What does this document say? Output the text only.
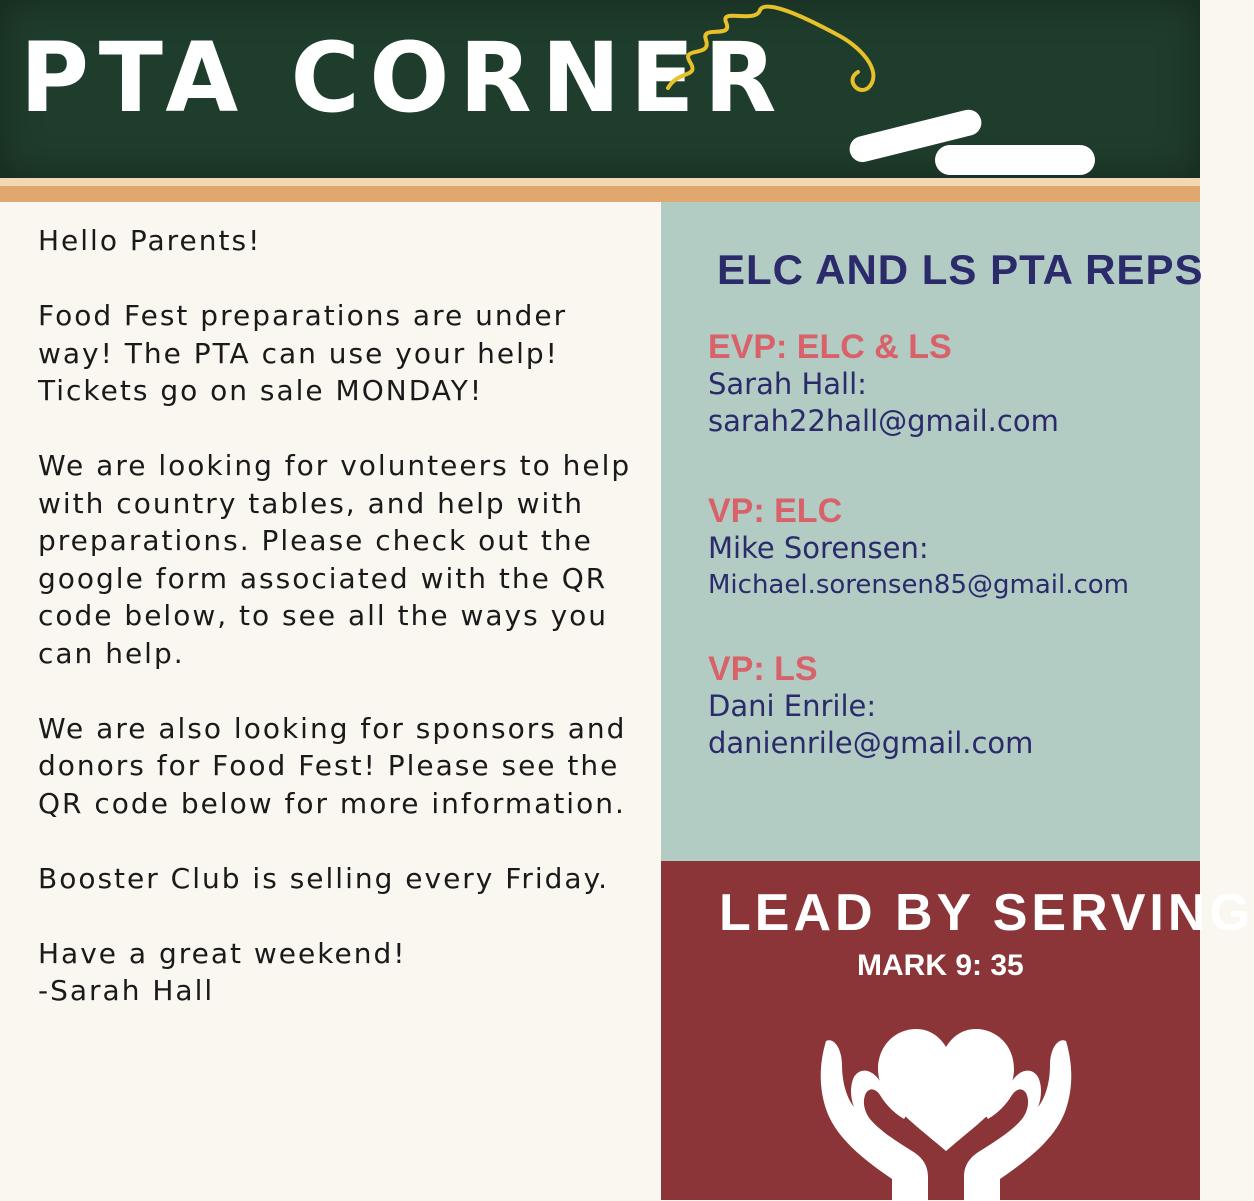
PTA CORNER

Hello Parents!

Food Fest preparations are under way! The PTA can use your help! Tickets go on sale MONDAY!

We are looking for volunteers to help with country tables, and help with preparations. Please check out the google form associated with the QR code below, to see all the ways you can help.

We are also looking for sponsors and donors for Food Fest! Please see the QR code below for more information.

Booster Club is selling every Friday.

Have a great weekend!
-Sarah Hall

ELC AND LS PTA REPS
EVP: ELC & LS
Sarah Hall:
sarah22hall@gmail.com
VP: ELC
Mike Sorensen:
Michael.sorensen85@gmail.com
VP: LS
Dani Enrile:
danienrile@gmail.com
LEAD BY SERVING
MARK 9: 35
